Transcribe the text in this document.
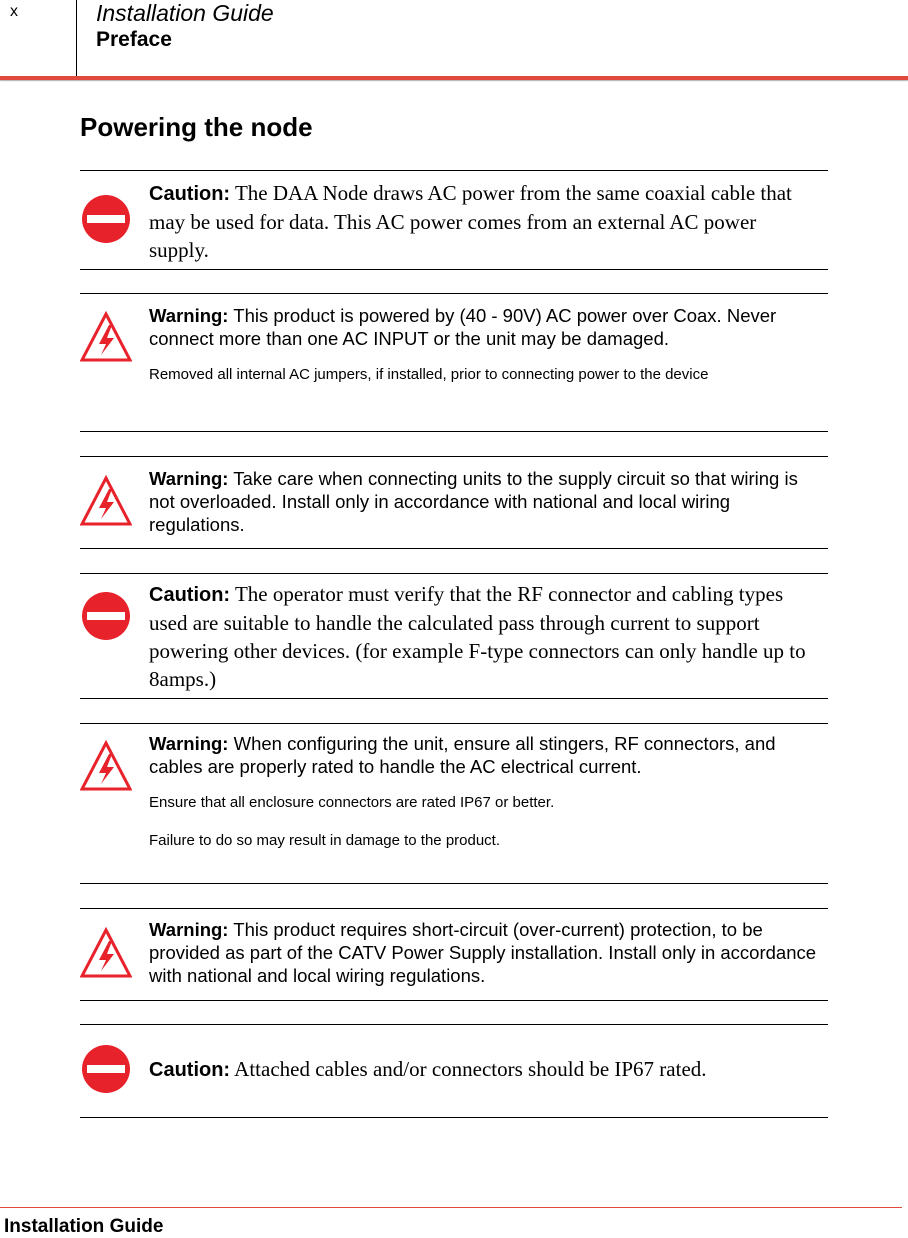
x	Installation Guide
Preface
Powering the node
Caution: The DAA Node draws AC power from the same coaxial cable that may be used for data. This AC power comes from an external AC power supply.
Warning: This product is powered by (40 - 90V) AC power over Coax. Never connect more than one AC INPUT or the unit may be damaged.
Removed all internal AC jumpers, if installed, prior to connecting power to the device
Warning: Take care when connecting units to the supply circuit so that wiring is not overloaded. Install only in accordance with national and local wiring regulations.
Caution: The operator must verify that the RF connector and cabling types used are suitable to handle the calculated pass through current to support powering other devices. (for example F-type connectors can only handle up to 8amps.)
Warning: When configuring the unit, ensure all stingers, RF connectors, and cables are properly rated to handle the AC electrical current.
Ensure that all enclosure connectors are rated IP67 or better.
Failure to do so may result in damage to the product.
Warning: This product requires short-circuit (over-current) protection, to be provided as part of the CATV Power Supply installation. Install only in accordance with national and local wiring regulations.
Caution: Attached cables and/or connectors should be IP67 rated.
Installation Guide
